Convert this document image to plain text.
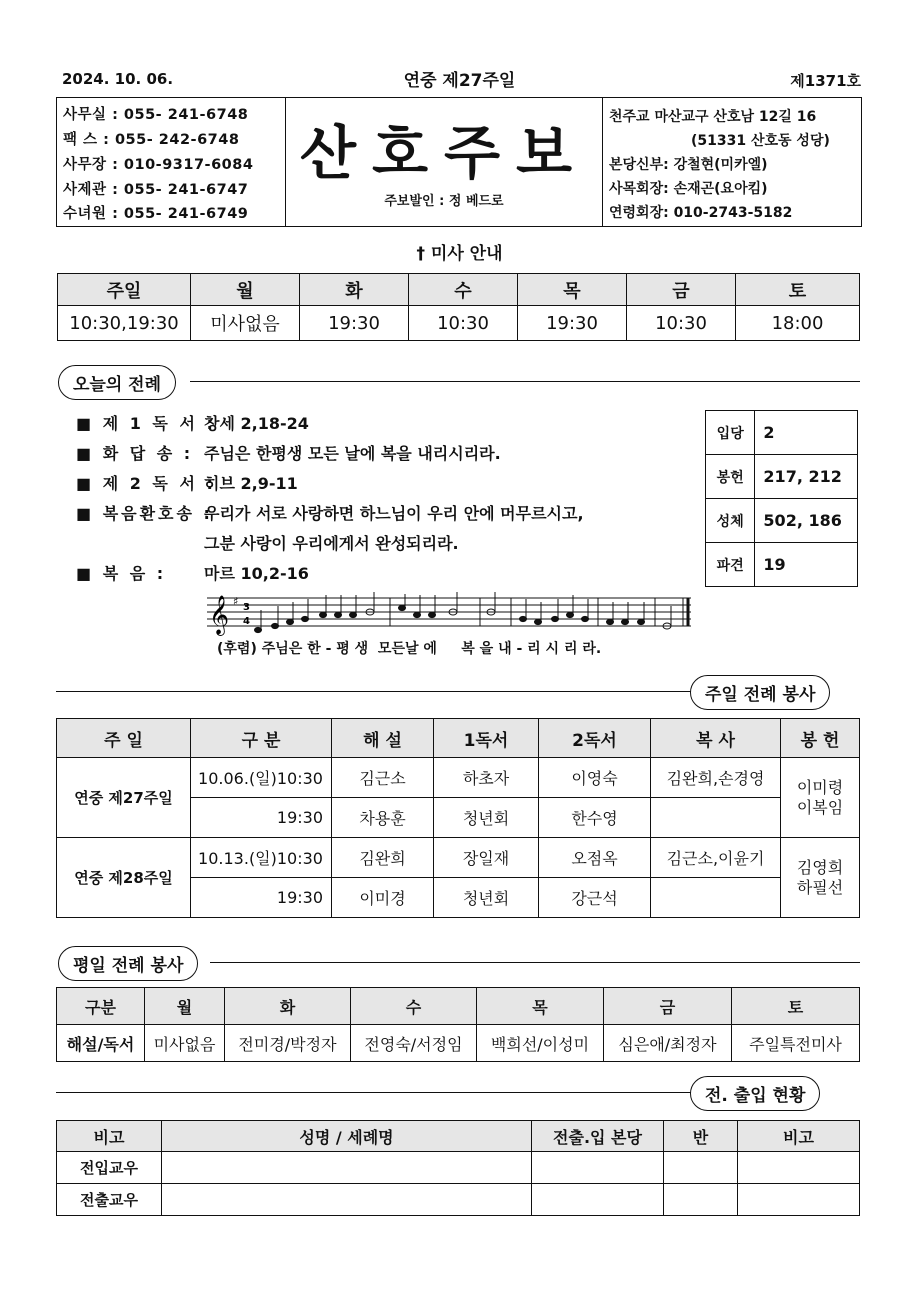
2024. 10. 06.	연중 제27주일	제1371호
사무실 : 055- 241-6748
팩 스 : 055- 242-6748
사무장 : 010-9317-6084
사제관 : 055- 241-6747
수녀원 : 055- 241-6749
산호주보
주보발인 : 정 베드로
천주교 마산교구 산호남 12길 16
(51331 산호동 성당)
본당신부: 강철현(미카엘)
사목회장: 손재곤(요아킴)
연령회장: 010-2743-5182
† 미사 안내
주일	월	화	수	목	금	토
10:30,19:30	미사없음	19:30	10:30	19:30	10:30	18:00
오늘의 전례
■ 제 1 독 서 :창세 2,18-24
■ 화 답 송 : 주님은 한평생 모든 날에 복을 내리시리라.
■ 제 2 독 서 :히브 2,9-11
■ 복음환호송 :우리가 서로 사랑하면 하느님이 우리 안에 머무르시고,
그분 사랑이 우리에게서 완성되리라.
■ 복 음 : 마르 10,2-16
입당	2
봉헌	217, 212
성체	502, 186
파견	19
𝄞 ♯ 3
4
(후렴) 주님은 한 - 평 생  모든날 에     복 을 내 - 리 시 리 라.
주일 전례 봉사
주 일	구 분	해 설	1독서	2독서	복 사	봉 헌
연중 제27주일	10.06.(일)10:30	김근소	하초자	이영숙	김완희,손경영	이미령
이복임
	19:30	차용훈	청년회	한수영		
연중 제28주일	10.13.(일)10:30	김완희	장일재	오점옥	김근소,이윤기	김영희
하필선
	19:30	이미경	청년회	강근석		
평일 전례 봉사
구분	월	화	수	목	금	토
해설/독서	미사없음	전미경/박정자	전영숙/서정임	백희선/이성미	심은애/최정자	주일특전미사
전. 출입 현황
비고	성명 / 세례명	전출.입 본당	반	비고
전입교우				
전출교우				
